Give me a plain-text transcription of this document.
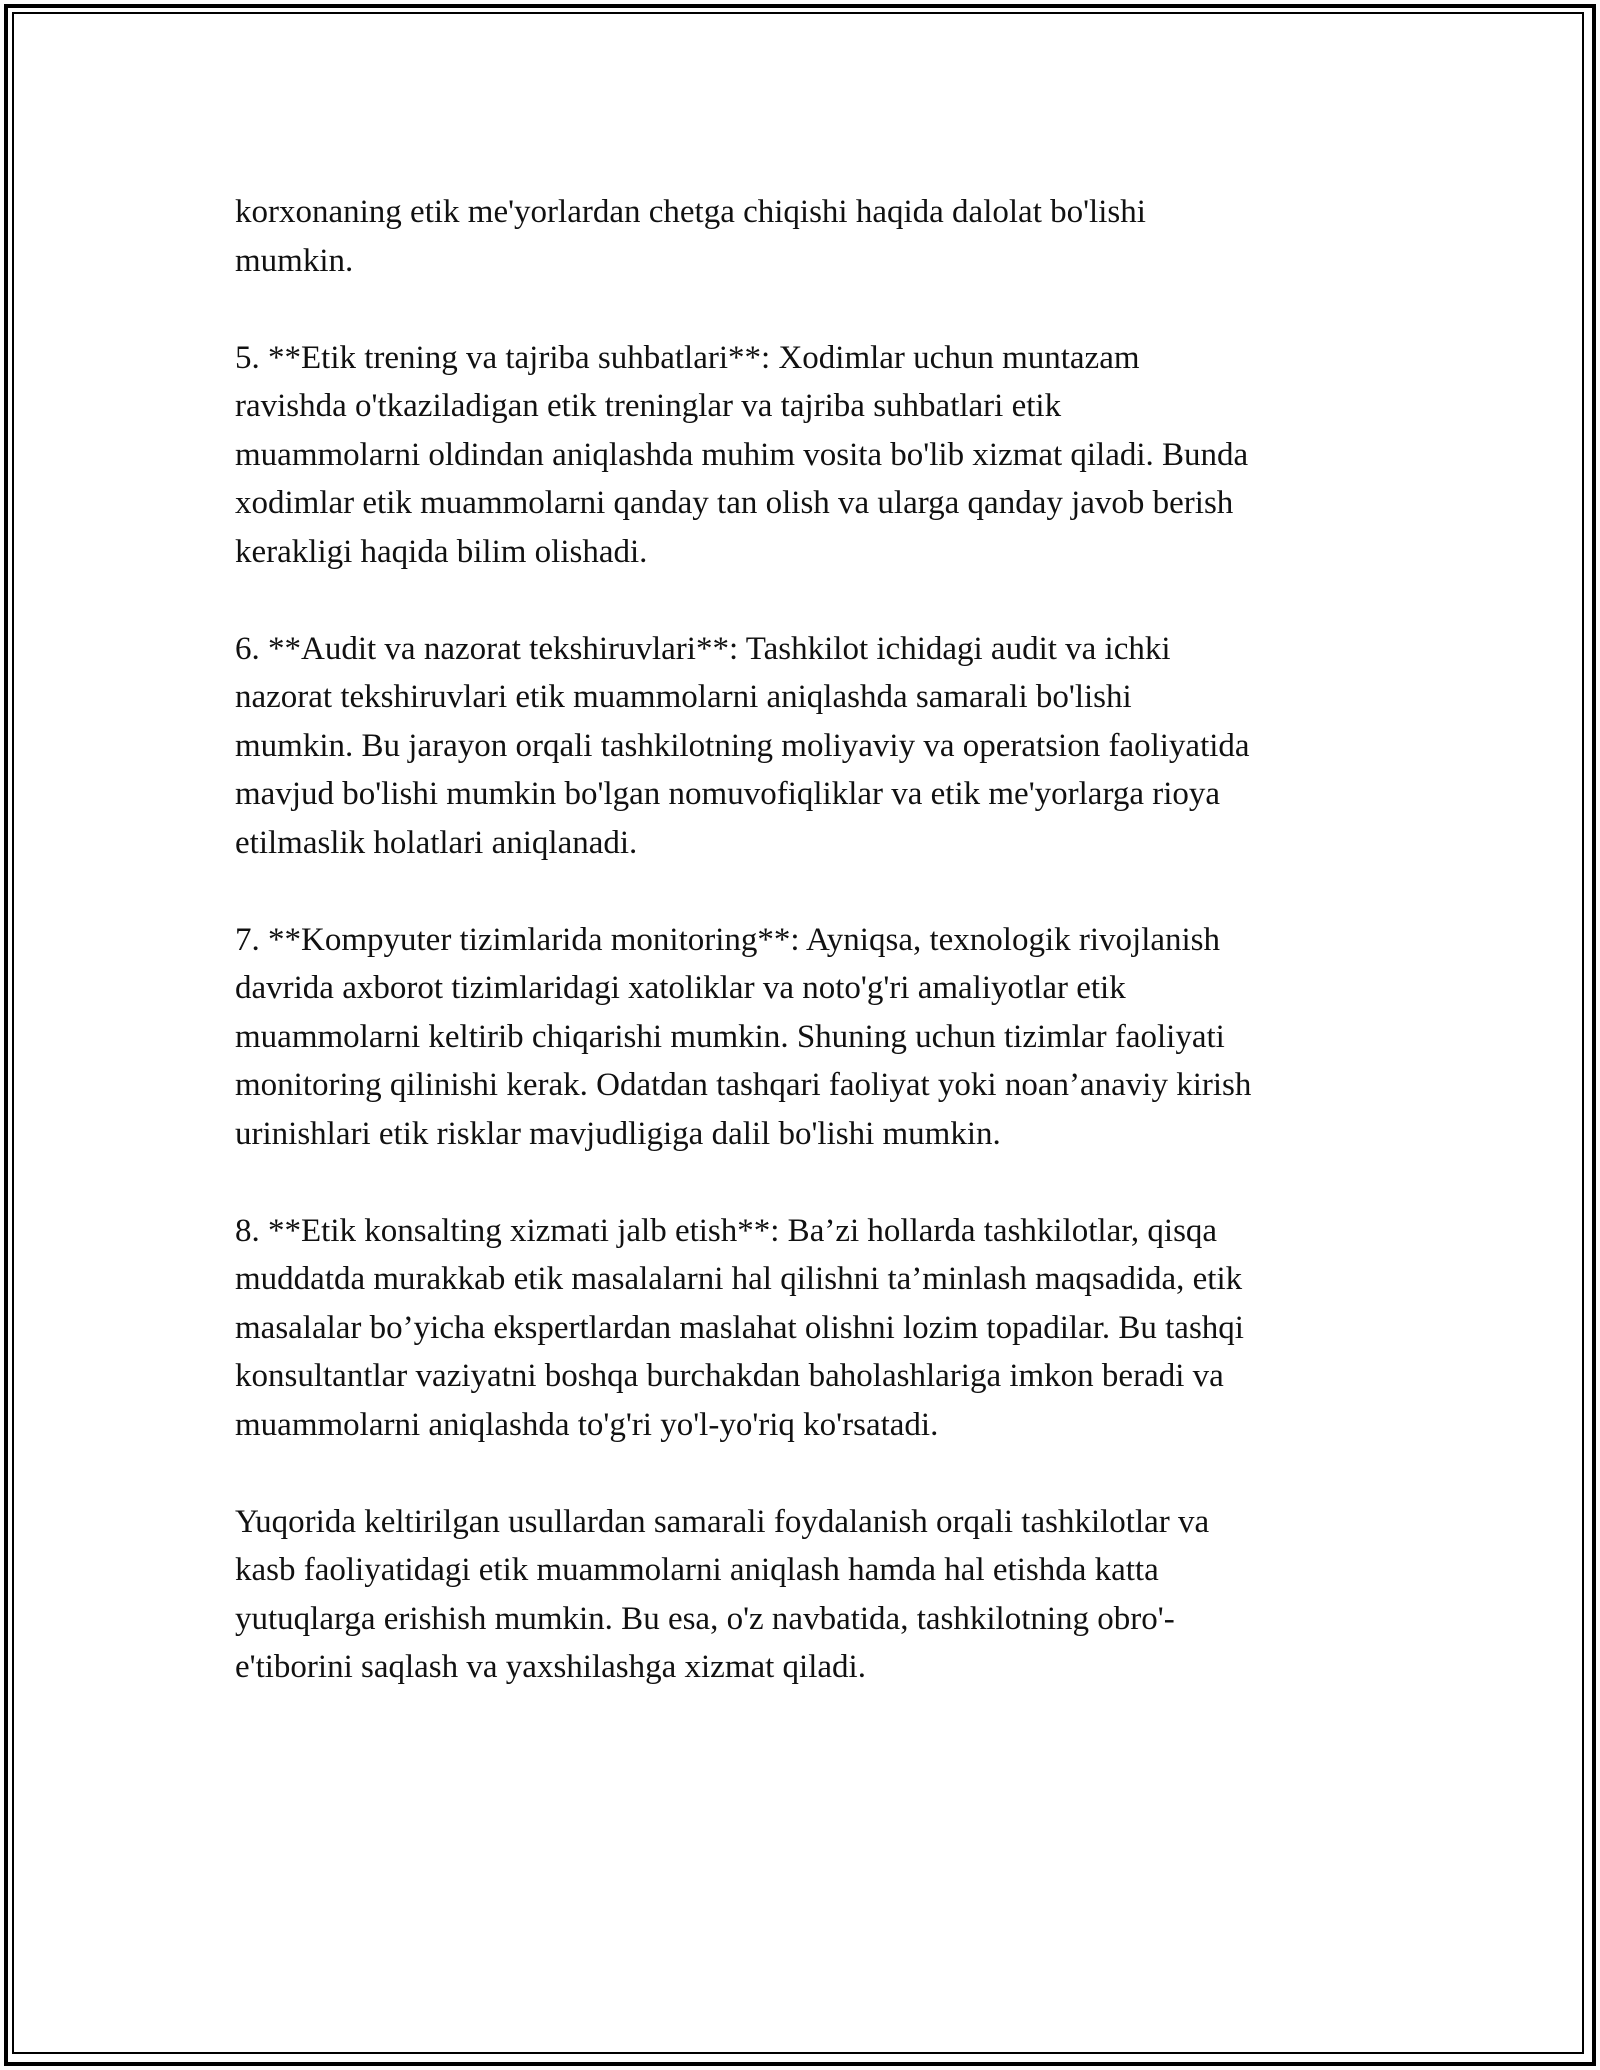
korxonaning etik me'yorlardan chetga chiqishi haqida dalolat bo'lishi
mumkin.

5. **Etik trening va tajriba suhbatlari**: Xodimlar uchun muntazam
ravishda o'tkaziladigan etik treninglar va tajriba suhbatlari etik
muammolarni oldindan aniqlashda muhim vosita bo'lib xizmat qiladi. Bunda
xodimlar etik muammolarni qanday tan olish va ularga qanday javob berish
kerakligi haqida bilim olishadi.

6. **Audit va nazorat tekshiruvlari**: Tashkilot ichidagi audit va ichki
nazorat tekshiruvlari etik muammolarni aniqlashda samarali bo'lishi
mumkin. Bu jarayon orqali tashkilotning moliyaviy va operatsion faoliyatida
mavjud bo'lishi mumkin bo'lgan nomuvofiqliklar va etik me'yorlarga rioya
etilmaslik holatlari aniqlanadi.

7. **Kompyuter tizimlarida monitoring**: Ayniqsa, texnologik rivojlanish
davrida axborot tizimlaridagi xatoliklar va noto'g'ri amaliyotlar etik
muammolarni keltirib chiqarishi mumkin. Shuning uchun tizimlar faoliyati
monitoring qilinishi kerak. Odatdan tashqari faoliyat yoki noan’anaviy kirish
urinishlari etik risklar mavjudligiga dalil bo'lishi mumkin.

8. **Etik konsalting xizmati jalb etish**: Ba’zi hollarda tashkilotlar, qisqa
muddatda murakkab etik masalalarni hal qilishni ta’minlash maqsadida, etik
masalalar bo’yicha ekspertlardan maslahat olishni lozim topadilar. Bu tashqi
konsultantlar vaziyatni boshqa burchakdan baholashlariga imkon beradi va
muammolarni aniqlashda to'g'ri yo'l-yo'riq ko'rsatadi.

Yuqorida keltirilgan usullardan samarali foydalanish orqali tashkilotlar va
kasb faoliyatidagi etik muammolarni aniqlash hamda hal etishda katta
yutuqlarga erishish mumkin. Bu esa, o'z navbatida, tashkilotning obro'-
e'tiborini saqlash va yaxshilashga xizmat qiladi.
